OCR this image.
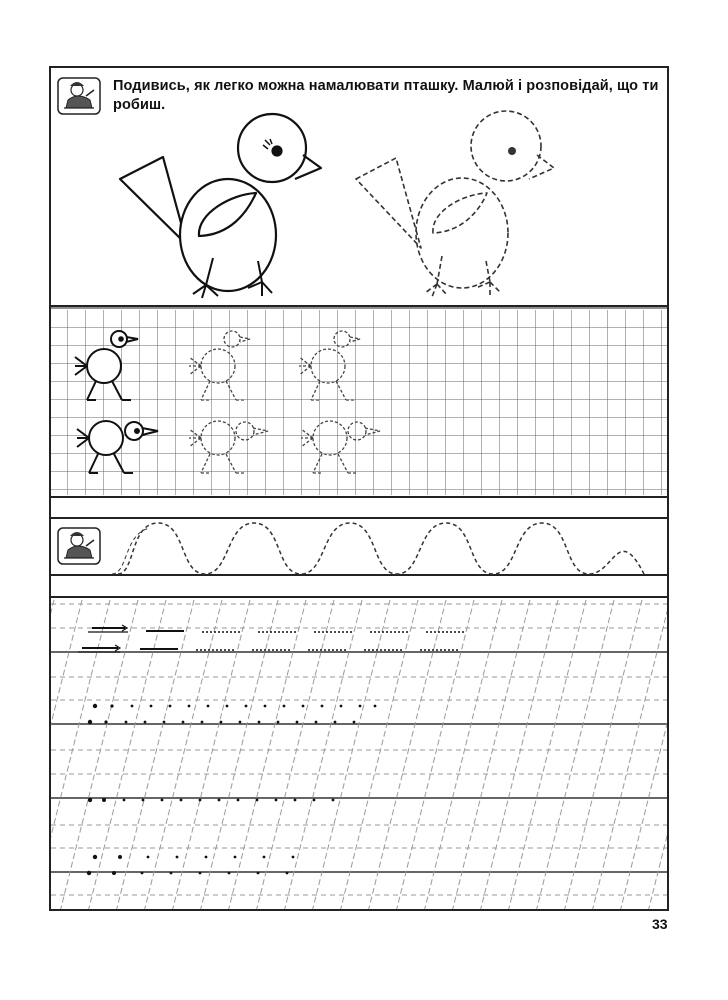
Подивись, як легко можна намалювати пташку. Малюй і розповідай, що ти робиш.
33
